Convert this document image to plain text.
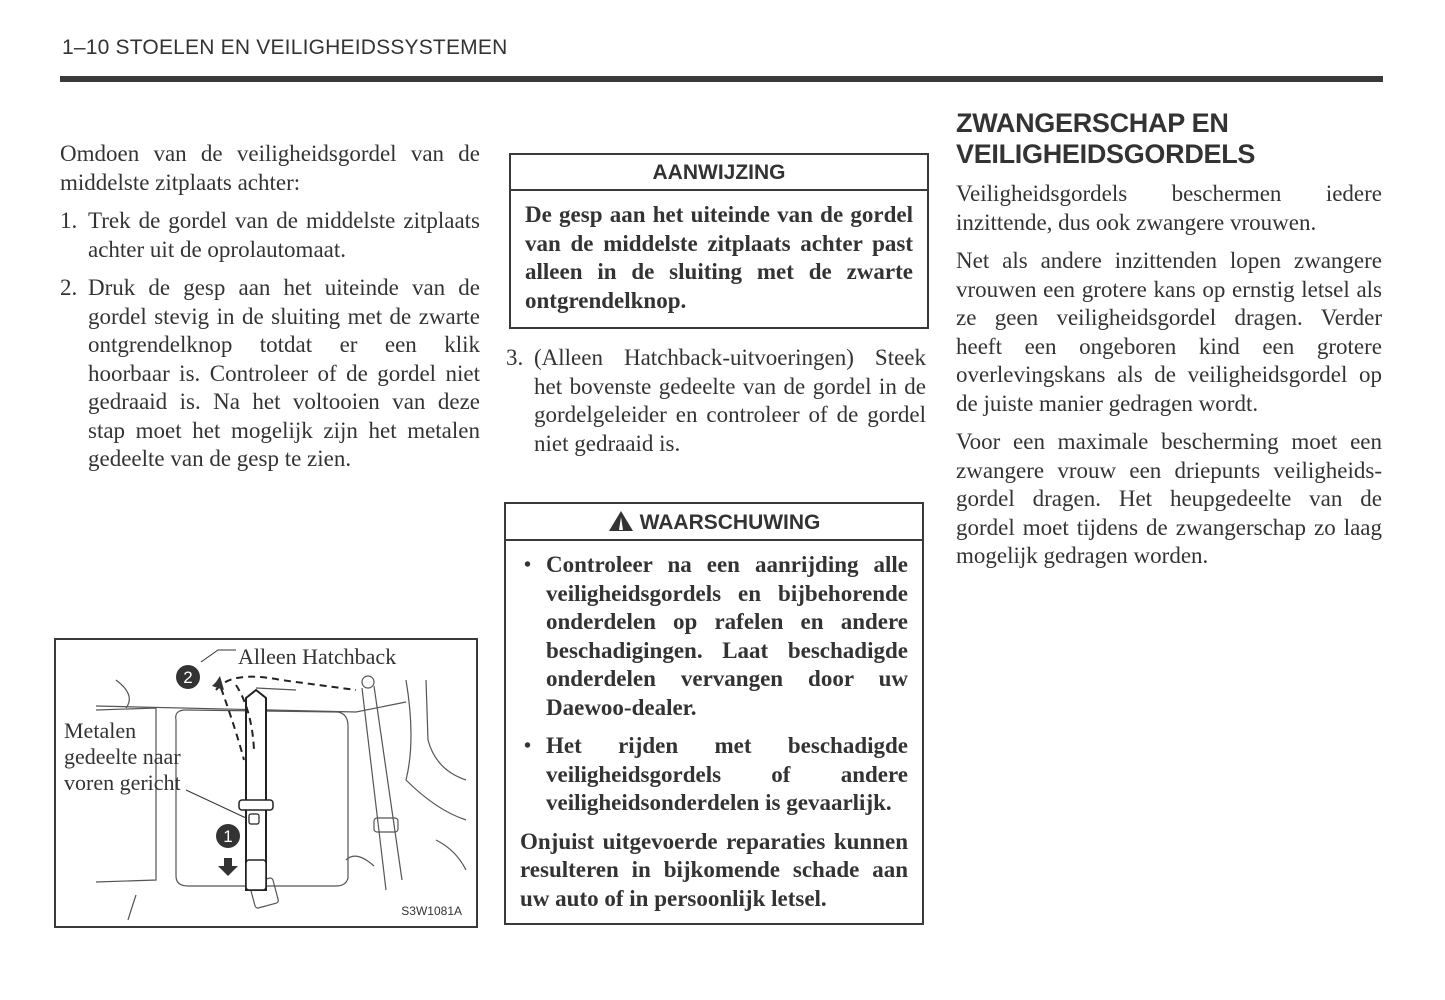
1–10 STOELEN EN VEILIGHEIDSSYSTEMEN

Omdoen van de veiligheidsgordel van de middelste zitplaats achter:

1. Trek de gordel van de middelste zitplaats achter uit de oprolautomaat.
2. Druk de gesp aan het uiteinde van de gordel stevig in de sluiting met de zwarte ontgrendelknop totdat er een klik hoorbaar is. Controleer of de gordel niet gedraaid is. Na het voltooien van deze stap moet het mogelijk zijn het metalen gedeelte van de gesp te zien.
2
1
Alleen Hatchback
Metalen gedeelte naar voren gericht
S3W1081A
AANWIJZING
De gesp aan het uiteinde van de gordel van de middelste zitplaats achter past alleen in de sluiting met de zwarte ontgrendelknop.
3. (Alleen Hatchback-uitvoeringen) Steek het bovenste gedeelte van de gordel in de gordelgeleider en controleer of de gordel niet gedraaid is.
WAARSCHUWING
• Controleer na een aanrijding alle veiligheidsgordels en bijbehorende onderdelen op rafelen en andere beschadigingen. Laat beschadigde onderdelen vervangen door uw Daewoo-dealer.
• Het rijden met beschadigde veiligheidsgordels of andere veiligheidsonderdelen is gevaarlijk.
Onjuist uitgevoerde reparaties kunnen resulteren in bijkomende schade aan uw auto of in persoonlijk letsel.
ZWANGERSCHAP EN VEILIGHEIDSGORDELS

Veiligheidsgordels beschermen iedere inzittende, dus ook zwangere vrouwen.

Net als andere inzittenden lopen zwangere vrouwen een grotere kans op ernstig letsel als ze geen veiligheidsgordel dragen. Verder heeft een ongeboren kind een grotere overlevingskans als de veiligheidsgordel op de juiste manier gedragen wordt.

Voor een maximale bescherming moet een zwangere vrouw een driepunts veiligheids-gordel dragen. Het heupgedeelte van de gordel moet tijdens de zwangerschap zo laag mogelijk gedragen worden.
